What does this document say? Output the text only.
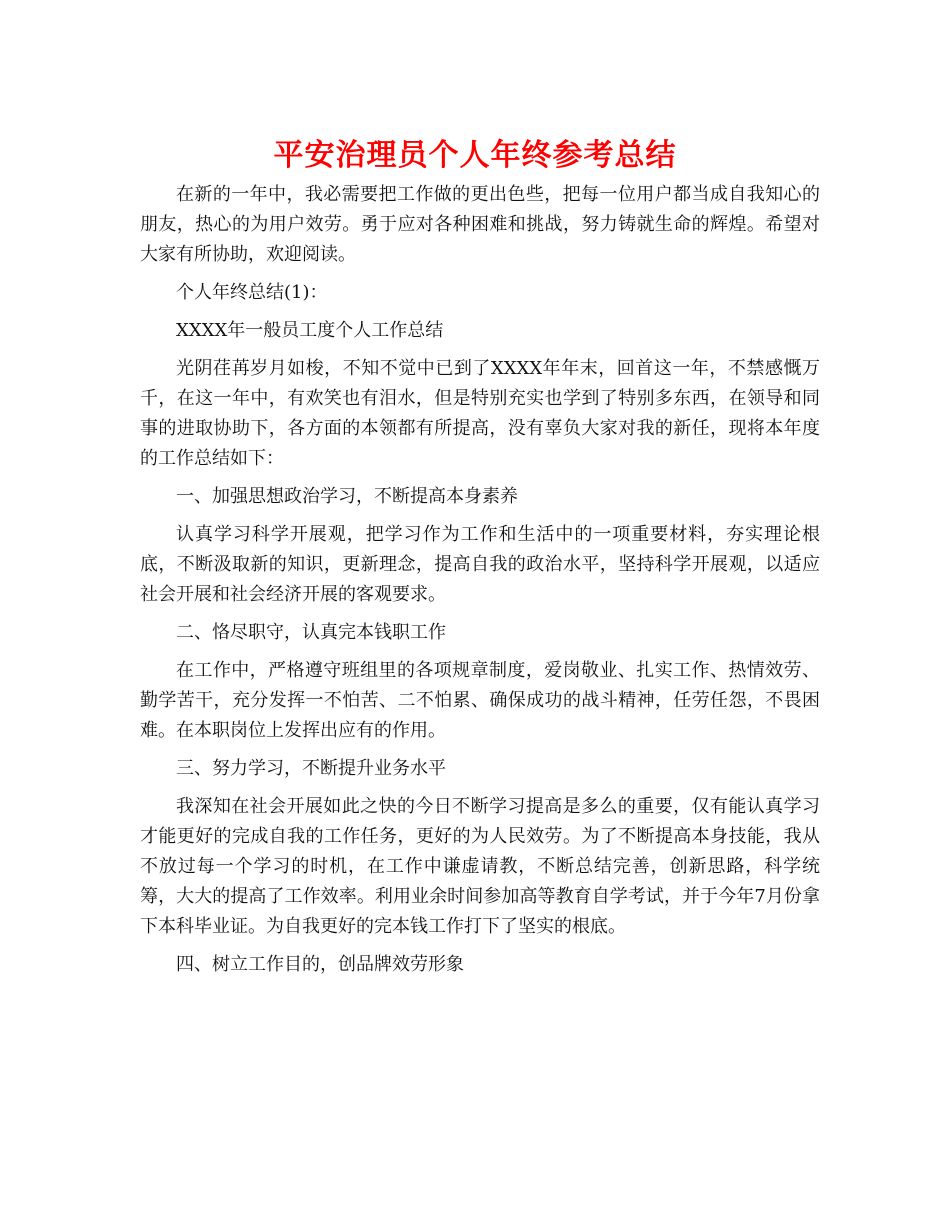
平安治理员个人年终参考总结

在新的一年中，我必需要把工作做的更出色些，把每一位用户都当成自我知心的朋友，热心的为用户效劳。勇于应对各种困难和挑战，努力铸就生命的辉煌。希望对大家有所协助，欢迎阅读。

个人年终总结(1)：

XXXX年一般员工度个人工作总结

光阴荏苒岁月如梭，不知不觉中已到了XXXX年年末，回首这一年，不禁感慨万千，在这一年中，有欢笑也有泪水，但是特别充实也学到了特别多东西，在领导和同事的进取协助下，各方面的本领都有所提高，没有辜负大家对我的新任，现将本年度的工作总结如下：

一、加强思想政治学习，不断提高本身素养

认真学习科学开展观，把学习作为工作和生活中的一项重要材料，夯实理论根底，不断汲取新的知识，更新理念，提高自我的政治水平，坚持科学开展观，以适应社会开展和社会经济开展的客观要求。

二、恪尽职守，认真完本钱职工作

在工作中，严格遵守班组里的各项规章制度，爱岗敬业、扎实工作、热情效劳、勤学苦干，充分发挥一不怕苦、二不怕累、确保成功的战斗精神，任劳任怨，不畏困难。在本职岗位上发挥出应有的作用。

三、努力学习，不断提升业务水平

我深知在社会开展如此之快的今日不断学习提高是多么的重要，仅有能认真学习才能更好的完成自我的工作任务，更好的为人民效劳。为了不断提高本身技能，我从不放过每一个学习的时机，在工作中谦虚请教，不断总结完善，创新思路，科学统筹，大大的提高了工作效率。利用业余时间参加高等教育自学考试，并于今年7月份拿下本科毕业证。为自我更好的完本钱工作打下了坚实的根底。

四、树立工作目的，创品牌效劳形象
